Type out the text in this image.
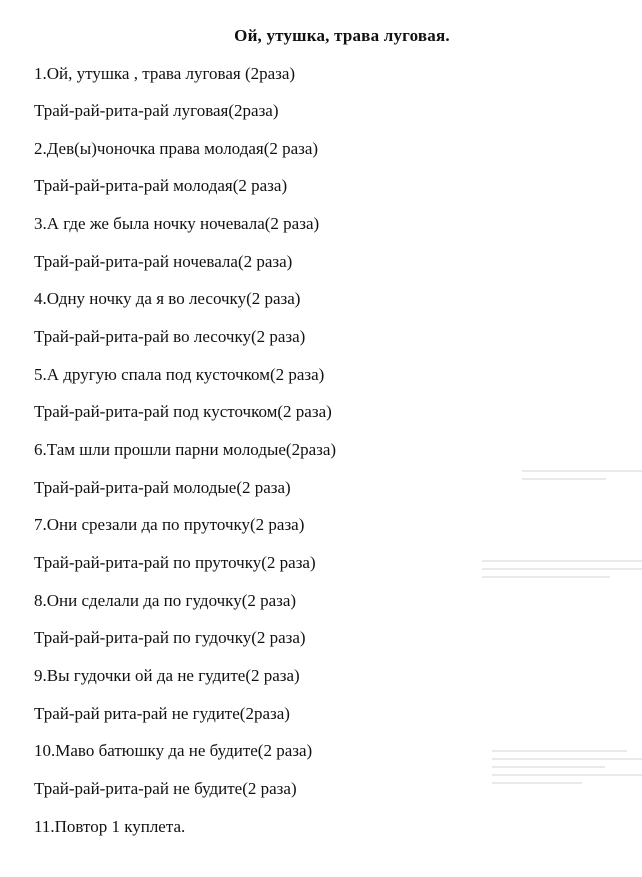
Ой, утушка, трава луговая.
1.Ой, утушка , трава луговая (2раза)
Трай-рай-рита-рай луговая(2раза)
2.Дев(ы)чоночка права молодая(2 раза)
Трай-рай-рита-рай молодая(2 раза)
3.А где же была ночку ночевала(2 раза)
Трай-рай-рита-рай ночевала(2 раза)
4.Одну ночку да я во лесочку(2 раза)
Трай-рай-рита-рай во лесочку(2 раза)
5.А другую спала под кусточком(2 раза)
Трай-рай-рита-рай под кусточком(2 раза)
6.Там шли прошли парни молодые(2раза)
Трай-рай-рита-рай молодые(2 раза)
7.Они срезали да по пруточку(2 раза)
Трай-рай-рита-рай по пруточку(2 раза)
8.Они сделали да по гудочку(2 раза)
Трай-рай-рита-рай по гудочку(2 раза)
9.Вы гудочки ой да не гудите(2 раза)
Трай-рай рита-рай не гудите(2раза)
10.Маво батюшку да не будите(2 раза)
Трай-рай-рита-рай не будите(2 раза)
11.Повтор 1 куплета.
